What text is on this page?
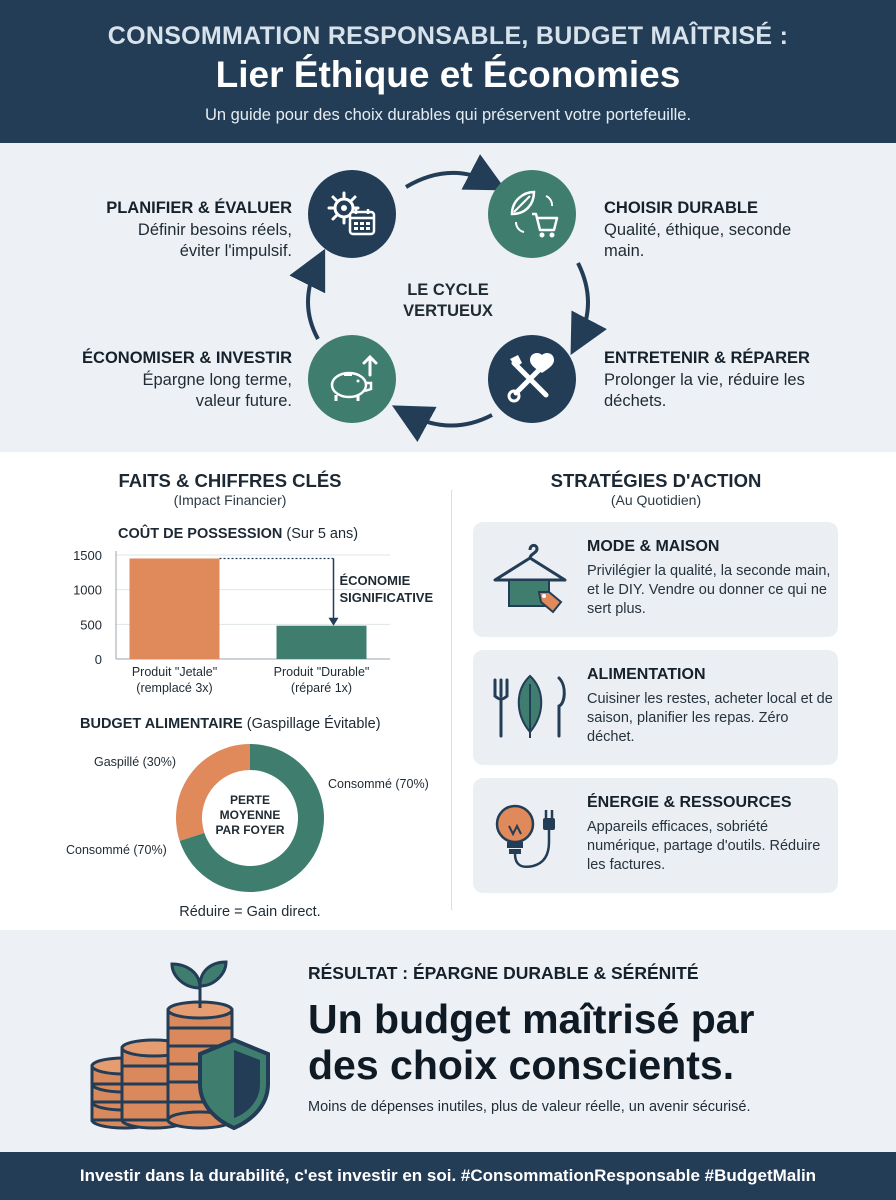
CONSOMMATION RESPONSABLE, BUDGET MAÎTRISÉ :
Lier Éthique et Économies
Un guide pour des choix durables qui préservent votre portefeuille.
LE CYCLE
VERTUEUX
PLANIFIER & ÉVALUER
Définir besoins réels,
éviter l'impulsif.
CHOISIR DURABLE
Qualité, éthique, seconde
main.
ENTRETENIR & RÉPARER
Prolonger la vie, réduire les
déchets.
ÉCONOMISER & INVESTIR
Épargne long terme,
valeur future.
FAITS & CHIFFRES CLÉS
(Impact Financier)
COÛT DE POSSESSION (Sur 5 ans)
0
500
1000
1500
Produit "Jetale"
(remplacé 3x)
Produit "Durable"
(réparé 1x)
ÉCONOMIE
SIGNIFICATIVE
BUDGET ALIMENTAIRE (Gaspillage Évitable)
PERTE
MOYENNE
PAR FOYER
Gaspillé (30%)
Consommé (70%)
Consommé (70%)
Réduire = Gain direct.
STRATÉGIES D'ACTION
(Au Quotidien)
MODE & MAISON
Privilégier la qualité, la seconde main, et le DIY. Vendre ou donner ce qui ne sert plus.
ALIMENTATION
Cuisiner les restes, acheter local et de saison, planifier les repas. Zéro déchet.
ÉNERGIE & RESSOURCES
Appareils efficaces, sobriété numérique, partage d'outils. Réduire les factures.
RÉSULTAT : ÉPARGNE DURABLE & SÉRÉNITÉ
Un budget maîtrisé par
des choix conscients.
Moins de dépenses inutiles, plus de valeur réelle, un avenir sécurisé.
Investir dans la durabilité, c'est investir en soi. #ConsommationResponsable #BudgetMalin
